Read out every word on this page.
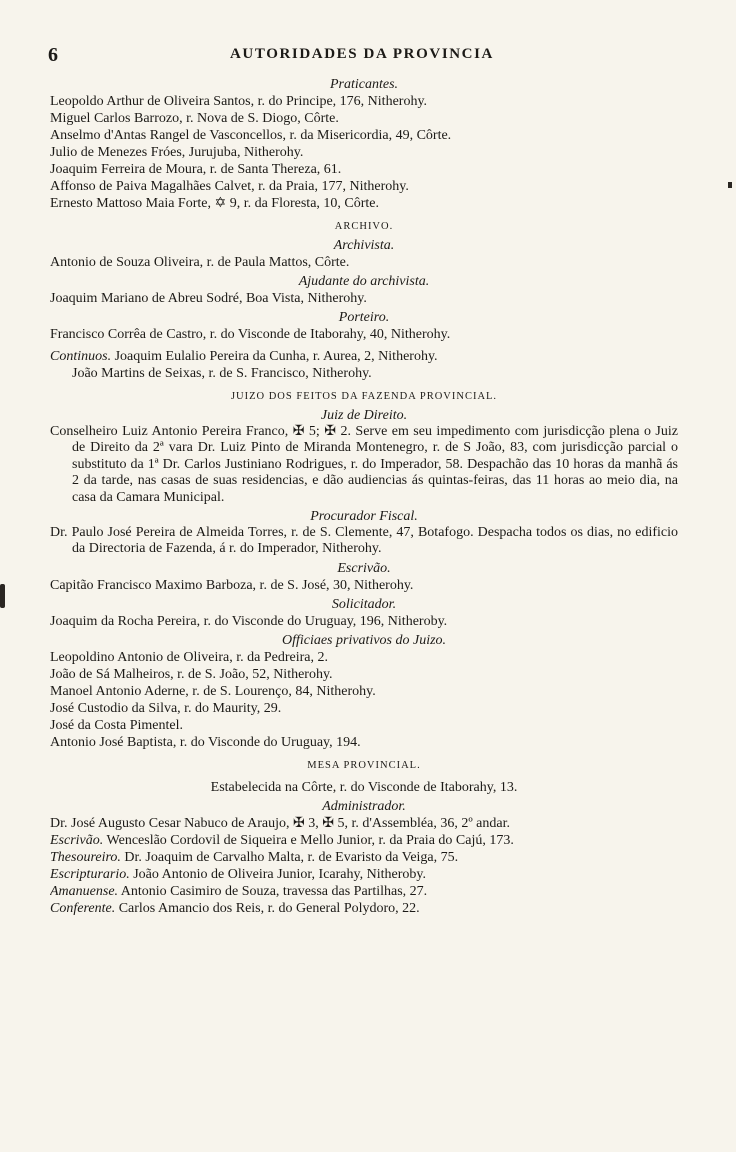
6	AUTORIDADES DA PROVINCIA
Praticantes.
Leopoldo Arthur de Oliveira Santos, r. do Principe, 176, Nitherohy.
Miguel Carlos Barrozo, r. Nova de S. Diogo, Côrte.
Anselmo d'Antas Rangel de Vasconcellos, r. da Misericordia, 49, Côrte.
Julio de Menezes Fróes, Jurujuba, Nitherohy.
Joaquim Ferreira de Moura, r. de Santa Thereza, 61.
Affonso de Paiva Magalhães Calvet, r. da Praia, 177, Nitherohy.
Ernesto Mattoso Maia Forte, ✡ 9, r. da Floresta, 10, Côrte.
ARCHIVO.
Archivista.
Antonio de Souza Oliveira, r. de Paula Mattos, Côrte.
Ajudante do archivista.
Joaquim Mariano de Abreu Sodré, Boa Vista, Nitherohy.
Porteiro.
Francisco Corrêa de Castro, r. do Visconde de Itaborahy, 40, Nitherohy.
Continuos. Joaquim Eulalio Pereira da Cunha, r. Aurea, 2, Nitherohy.
João Martins de Seixas, r. de S. Francisco, Nitherohy.
JUIZO DOS FEITOS DA FAZENDA PROVINCIAL.
Juiz de Direito.
Conselheiro Luiz Antonio Pereira Franco, ✠ 5; ✠ 2. Serve em seu impedimento com jurisdicção plena o Juiz de Direito da 2ª vara Dr. Luiz Pinto de Miranda Montenegro, r. de S João, 83, com jurisdicção parcial o substituto da 1ª Dr. Carlos Justiniano Rodrigues, r. do Imperador, 58. Despachão das 10 horas da manhã ás 2 da tarde, nas casas de suas residencias, e dão audiencias ás quintas-feiras, das 11 horas ao meio dia, na casa da Camara Municipal.
Procurador Fiscal.
Dr. Paulo José Pereira de Almeida Torres, r. de S. Clemente, 47, Botafogo. Despacha todos os dias, no edificio da Directoria de Fazenda, á r. do Imperador, Nitherohy.
Escrivão.
Capitão Francisco Maximo Barboza, r. de S. José, 30, Nitherohy.
Solicitador.
Joaquim da Rocha Pereira, r. do Visconde do Uruguay, 196, Nitheroby.
Officiaes privativos do Juizo.
Leopoldino Antonio de Oliveira, r. da Pedreira, 2.
João de Sá Malheiros, r. de S. João, 52, Nitherohy.
Manoel Antonio Aderne, r. de S. Lourenço, 84, Nitherohy.
José Custodio da Silva, r. do Maurity, 29.
José da Costa Pimentel.
Antonio José Baptista, r. do Visconde do Uruguay, 194.
MESA PROVINCIAL.
Estabelecida na Côrte, r. do Visconde de Itaborahy, 13.
Administrador.
Dr. José Augusto Cesar Nabuco de Araujo, ✠ 3, ✠ 5, r. d'Assembléa, 36, 2º andar.
Escrivão. Wenceslão Cordovil de Siqueira e Mello Junior, r. da Praia do Cajú, 173.
Thesoureiro. Dr. Joaquim de Carvalho Malta, r. de Evaristo da Veiga, 75.
Escripturario. João Antonio de Oliveira Junior, Icarahy, Nitheroby.
Amanuense. Antonio Casimiro de Souza, travessa das Partilhas, 27.
Conferente. Carlos Amancio dos Reis, r. do General Polydoro, 22.
